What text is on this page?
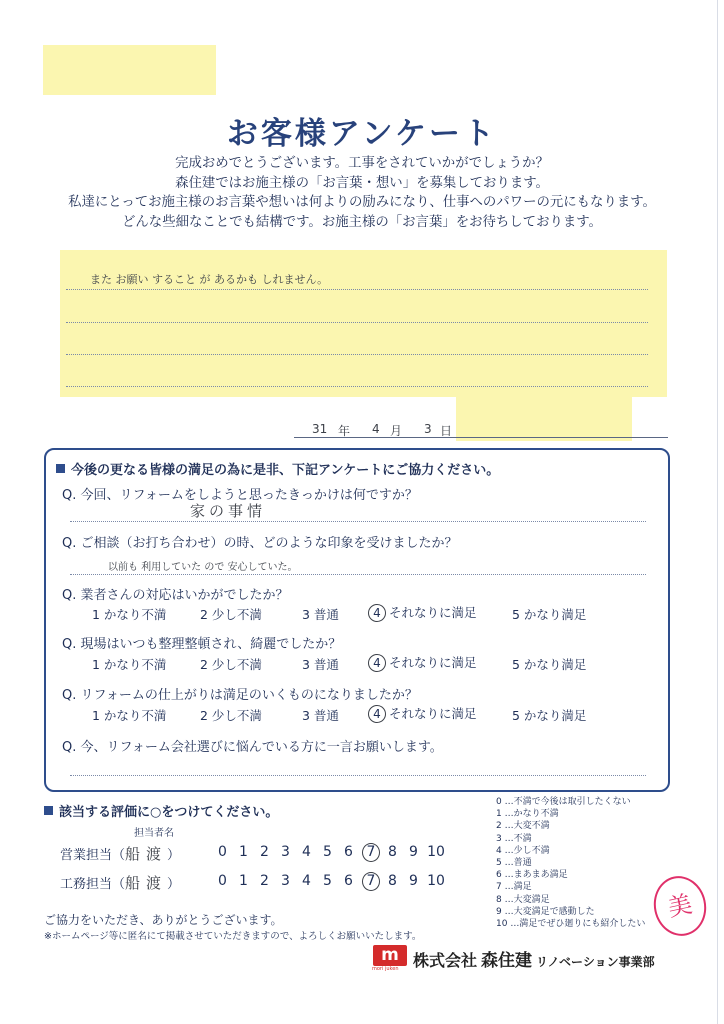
お客様アンケート
完成おめでとうございます。工事をされていかがでしょうか？
森住建ではお施主様の「お言葉・想い」を募集しております。
私達にとってお施主様のお言葉や想いは何よりの励みになり、仕事へのパワーの元にもなります。
どんな些細なことでも結構です。お施主様の「お言葉」をお待ちしております。
また お願い すること が あるかも しれません。
31 年 4 月 3 日
今後の更なる皆様の満足の為に是非、下記アンケートにご協力ください。
Q. 今回、リフォームをしようと思ったきっかけは何ですか？
家の事情
Q. ご相談（お打ち合わせ）の時、どのような印象を受けましたか？
以前も 利用していた ので 安心していた。
Q. 業者さんの対応はいかがでしたか？
1 かなり不満	2 少し不満	3 普通	4 それなりに満足	5 かなり満足
Q. 現場はいつも整理整頓され、綺麗でしたか？
1 かなり不満	2 少し不満	3 普通	4 それなりに満足	5 かなり満足
Q. リフォームの仕上がりは満足のいくものになりましたか？
1 かなり不満	2 少し不満	3 普通	4 それなりに満足	5 かなり満足
Q. 今、リフォーム会社選びに悩んでいる方に一言お願いします。
該当する評価に○をつけてください。
担当者名
営業担当（船渡）	0 1 2 3 4 5 6 7 8 9 10
工務担当（船渡）	0 1 2 3 4 5 6 7 8 9 10
0 …不満で今後は取引したくない
1 …かなり不満
2 …大変不満
3 …不満
4 …少し不満
5 …普通
6 …まあまあ満足
7 …満足
8 …大変満足
9 …大変満足で感動した
10 …満足でぜひ廻りにも紹介したい
美
ご協力をいただき、ありがとうございます。
※ホームページ等に匿名にて掲載させていただきますので、よろしくお願いいたします。
m
mori juken 株式会社 森住建 リノベーション事業部
